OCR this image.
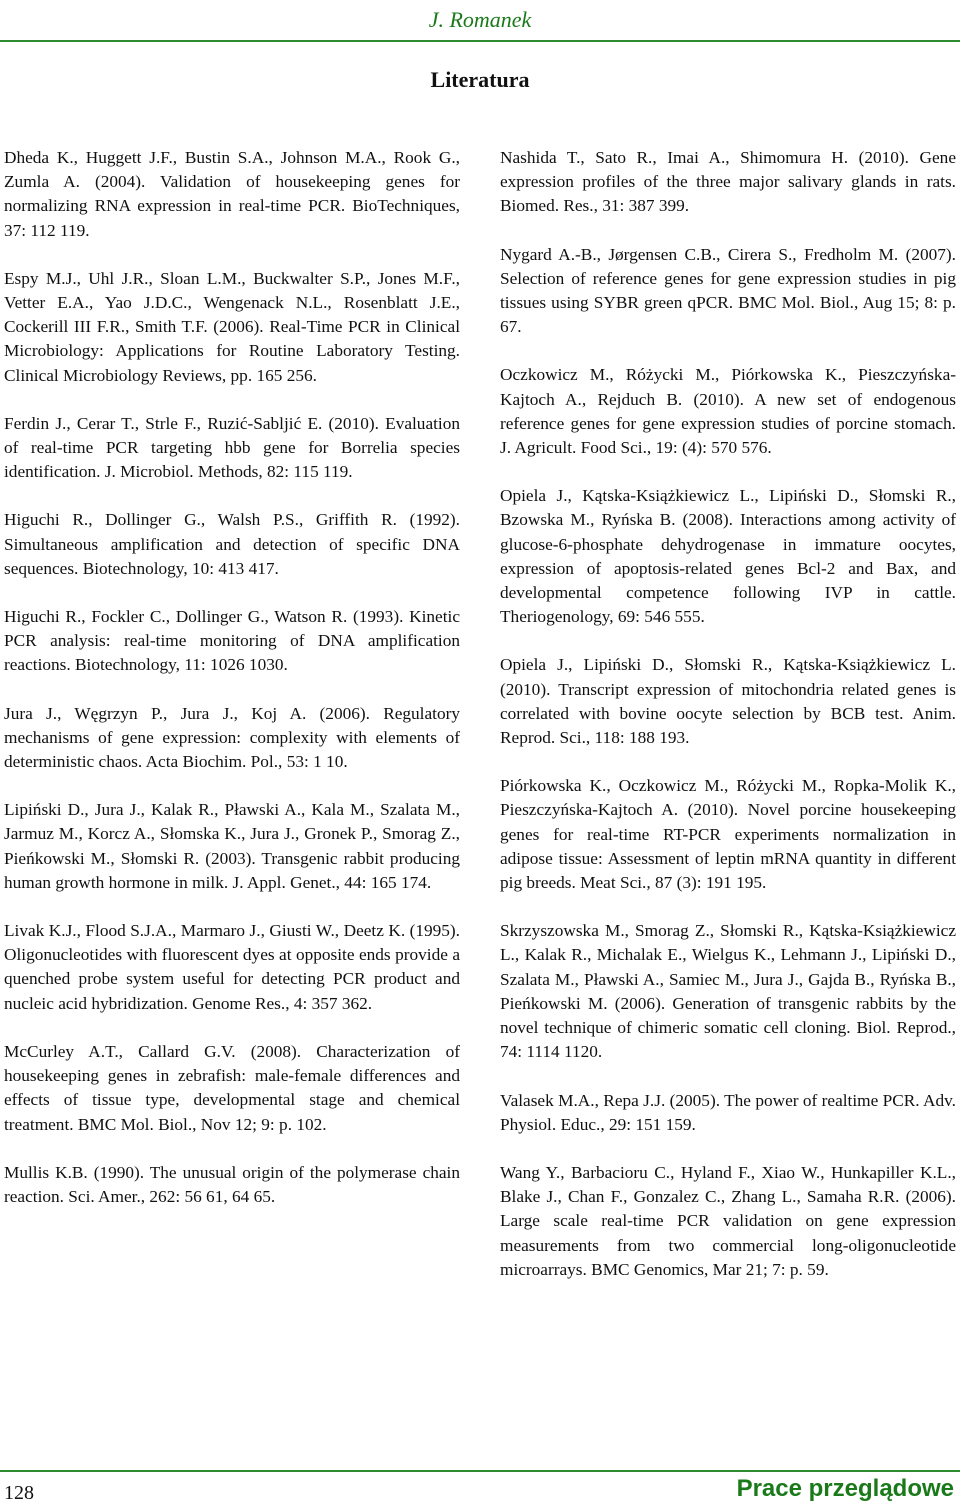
J. Romanek
Literatura

Dheda K., Huggett J.F., Bustin S.A., Johnson M.A., Rook G., Zumla A. (2004). Validation of housekeeping genes for normalizing RNA expression in real-time PCR. BioTechniques, 37: 112 119.

Espy M.J., Uhl J.R., Sloan L.M., Buckwalter S.P., Jones M.F., Vetter E.A., Yao J.D.C., Wengenack N.L., Rosenblatt J.E., Cockerill III F.R., Smith T.F. (2006). Real-Time PCR in Clinical Microbiology: Applications for Routine Laboratory Testing. Clinical Microbiology Reviews, pp. 165 256.

Ferdin J., Cerar T., Strle F., Ruzić-Sabljić E. (2010). Evaluation of real-time PCR targeting hbb gene for Borrelia species identification. J. Microbiol. Methods, 82: 115 119.

Higuchi R., Dollinger G., Walsh P.S., Griffith R. (1992). Simultaneous amplification and detection of specific DNA sequences. Biotechnology, 10: 413 417.

Higuchi R., Fockler C., Dollinger G., Watson R. (1993). Kinetic PCR analysis: real-time monitoring of DNA amplification reactions. Biotechnology, 11: 1026 1030.

Jura J., Węgrzyn P., Jura J., Koj A. (2006). Regulatory mechanisms of gene expression: complexity with elements of deterministic chaos. Acta Biochim. Pol., 53: 1 10.

Lipiński D., Jura J., Kalak R., Pławski A., Kala M., Szalata M., Jarmuz M., Korcz A., Słomska K., Jura J., Gronek P., Smorag Z., Pieńkowski M., Słomski R. (2003). Transgenic rabbit producing human growth hormone in milk. J. Appl. Genet., 44: 165 174.

Livak K.J., Flood S.J.A., Marmaro J., Giusti W., Deetz K. (1995). Oligonucleotides with fluorescent dyes at opposite ends provide a quenched probe system useful for detecting PCR product and nucleic acid hybridization. Genome Res., 4: 357 362.

McCurley A.T., Callard G.V. (2008). Characterization of housekeeping genes in zebrafish: male-female differences and effects of tissue type, developmental stage and chemical treatment. BMC Mol. Biol., Nov 12; 9: p. 102.

Mullis K.B. (1990). The unusual origin of the polymerase chain reaction. Sci. Amer., 262: 56 61, 64 65.

Nashida T., Sato R., Imai A., Shimomura H. (2010). Gene expression profiles of the three major salivary glands in rats. Biomed. Res., 31: 387 399.

Nygard A.-B., Jørgensen C.B., Cirera S., Fredholm M. (2007). Selection of reference genes for gene expression studies in pig tissues using SYBR green qPCR. BMC Mol. Biol., Aug 15; 8: p. 67.

Oczkowicz M., Różycki M., Piórkowska K., Pieszczyńska-Kajtoch A., Rejduch B. (2010). A new set of endogenous reference genes for gene expression studies of porcine stomach. J. Agricult. Food Sci., 19: (4): 570 576.

Opiela J., Kątska-Książkiewicz L., Lipiński D., Słomski R., Bzowska M., Ryńska B. (2008). Interactions among activity of glucose-6-phosphate dehydrogenase in immature oocytes, expression of apoptosis-related genes Bcl-2 and Bax, and developmental competence following IVP in cattle. Theriogenology, 69: 546 555.

Opiela J., Lipiński D., Słomski R., Kątska-Książkiewicz L. (2010). Transcript expression of mitochondria related genes is correlated with bovine oocyte selection by BCB test. Anim. Reprod. Sci., 118: 188 193.

Piórkowska K., Oczkowicz M., Różycki M., Ropka-Molik K., Pieszczyńska-Kajtoch A. (2010). Novel porcine housekeeping genes for real-time RT-PCR experiments normalization in adipose tissue: Assessment of leptin mRNA quantity in different pig breeds. Meat Sci., 87 (3): 191 195.

Skrzyszowska M., Smorag Z., Słomski R., Kątska-Książkiewicz L., Kalak R., Michalak E., Wielgus K., Lehmann J., Lipiński D., Szalata M., Pławski A., Samiec M., Jura J., Gajda B., Ryńska B., Pieńkowski M. (2006). Generation of transgenic rabbits by the novel technique of chimeric somatic cell cloning. Biol. Reprod., 74: 1114 1120.

Valasek M.A., Repa J.J. (2005). The power of realtime PCR. Adv. Physiol. Educ., 29: 151 159.

Wang Y., Barbacioru C., Hyland F., Xiao W., Hunkapiller K.L., Blake J., Chan F., Gonzalez C., Zhang L., Samaha R.R. (2006). Large scale real-time PCR validation on gene expression measurements from two commercial long-oligonucleotide microarrays. BMC Genomics, Mar 21; 7: p. 59.

128	Prace przeglądowe
